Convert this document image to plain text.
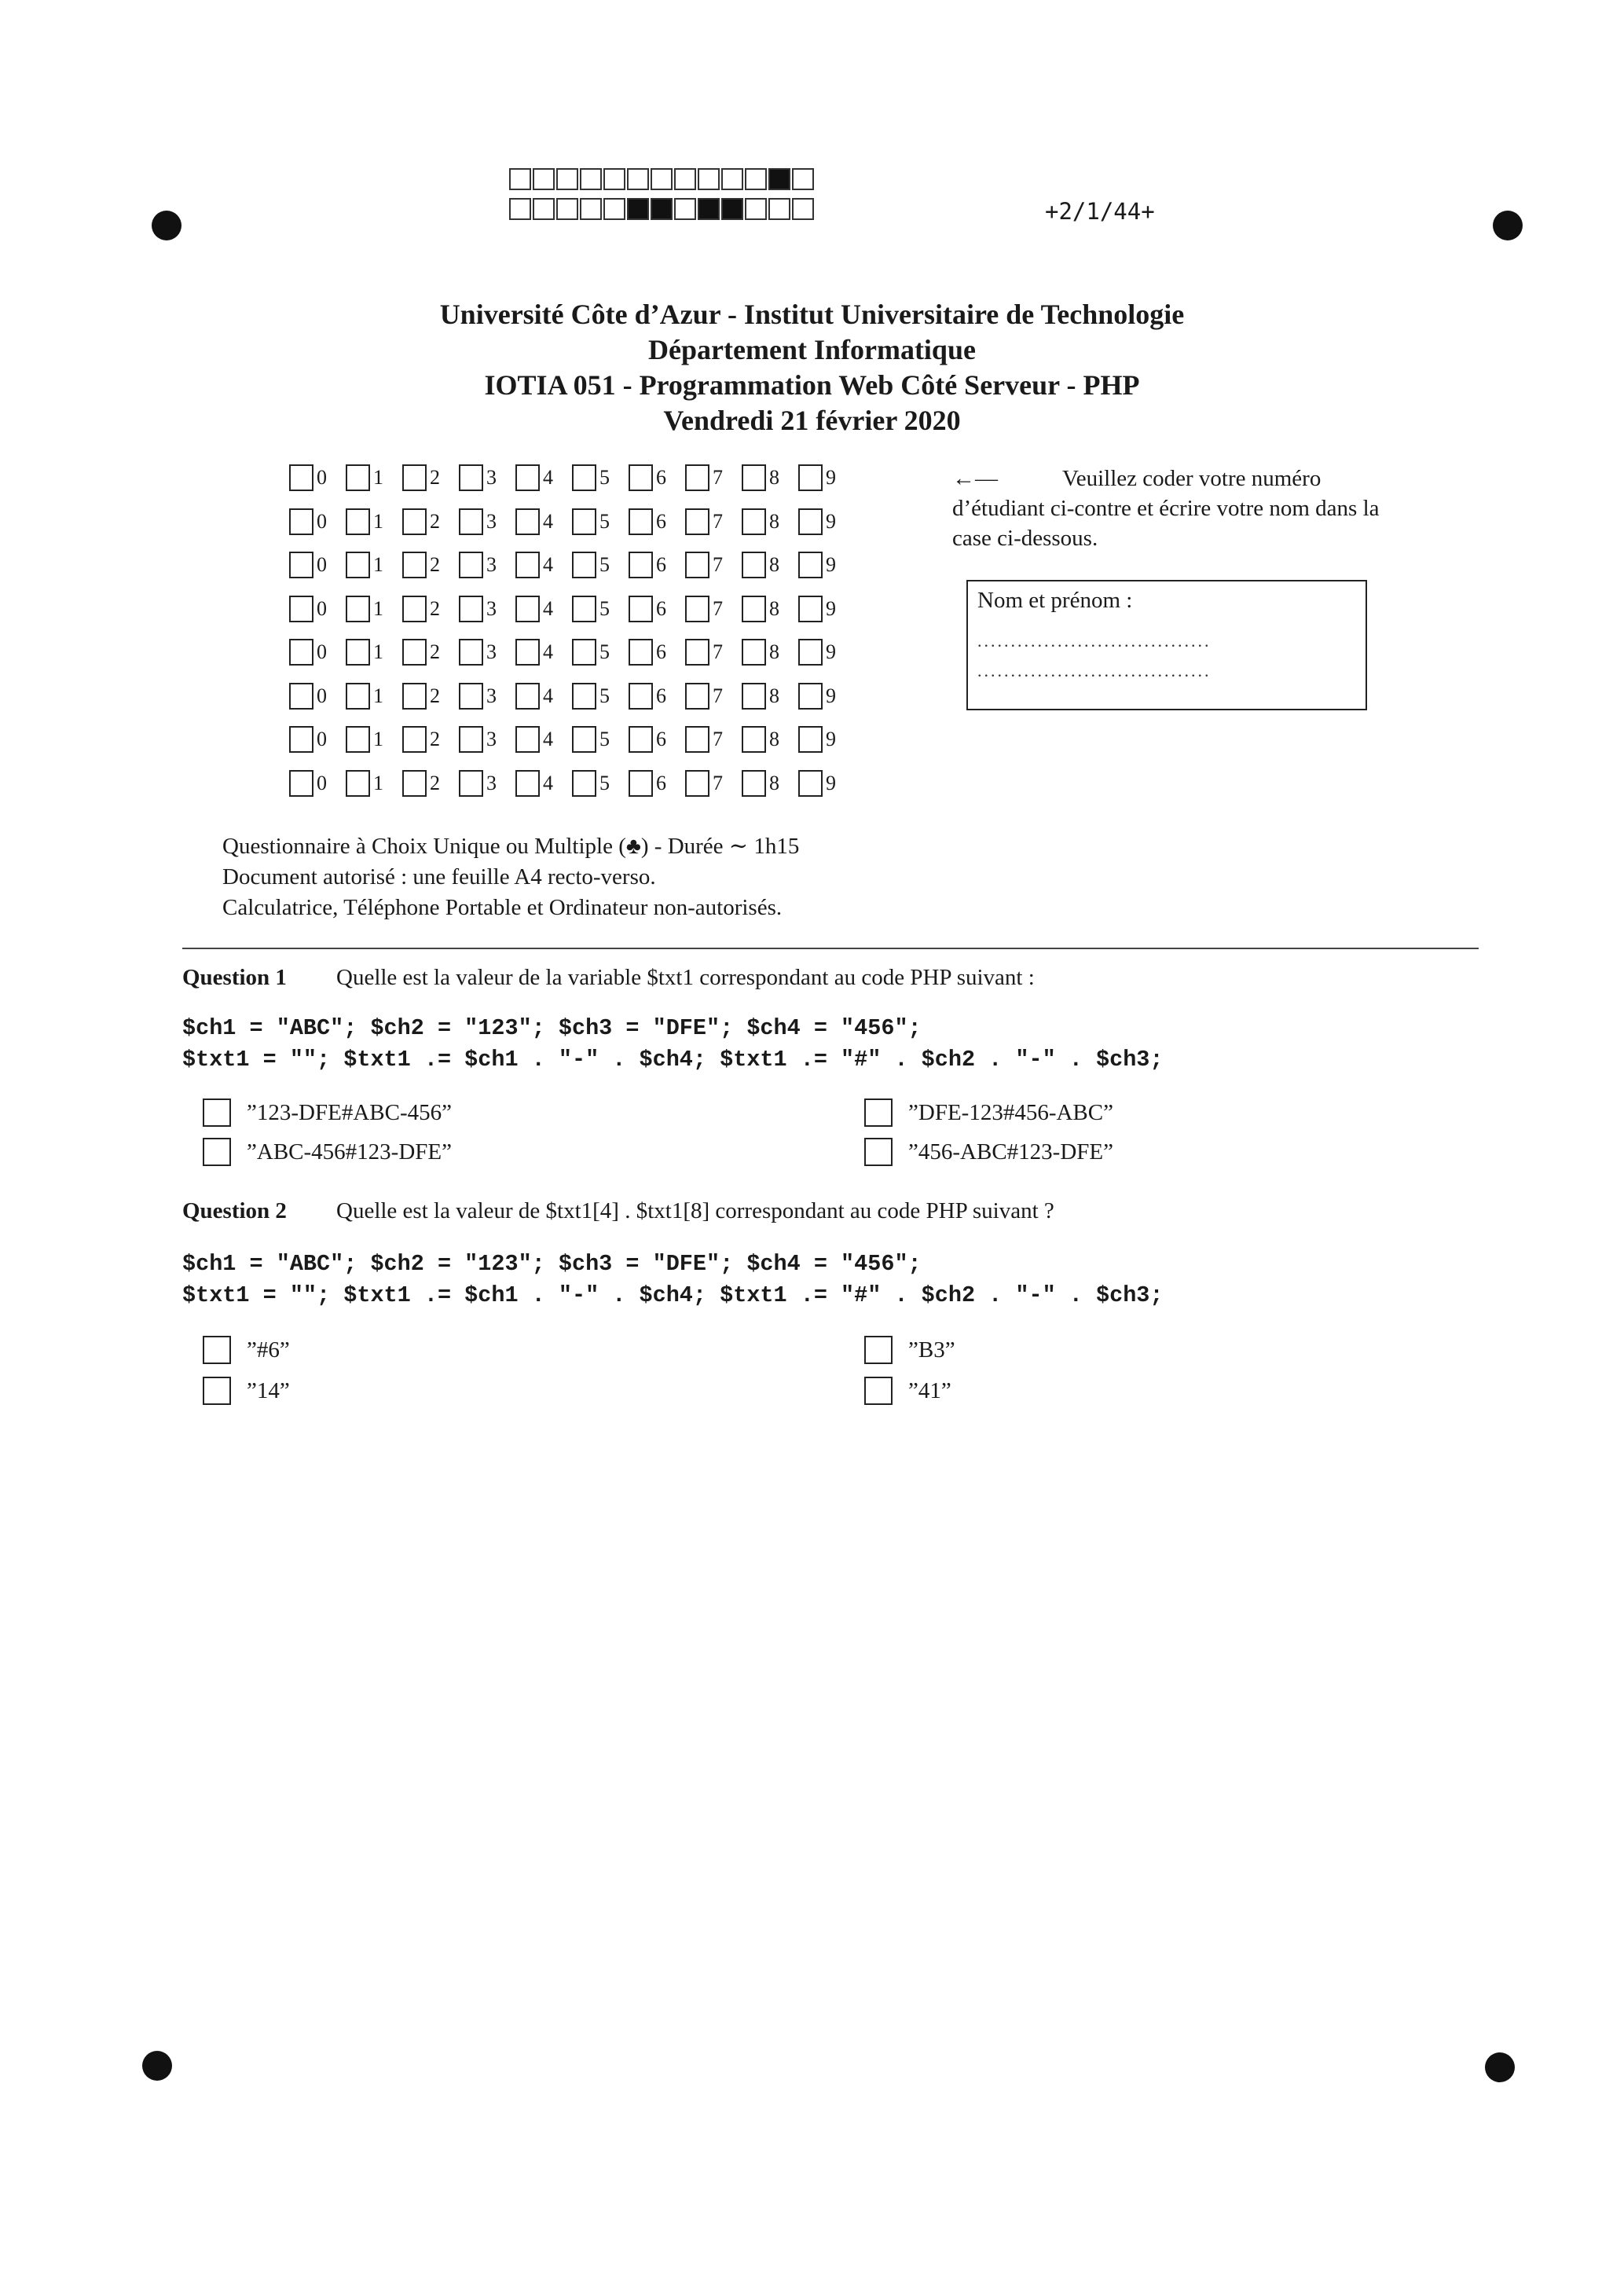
+2/1/44+
Université Côte d’Azur - Institut Universitaire de Technologie
Département Informatique
IOTIA 051 - Programmation Web Côté Serveur - PHP
Vendredi 21 février 2020
0 1 2 3 4 5 6 7 8 9
0 1 2 3 4 5 6 7 8 9
0 1 2 3 4 5 6 7 8 9
0 1 2 3 4 5 6 7 8 9
0 1 2 3 4 5 6 7 8 9
0 1 2 3 4 5 6 7 8 9
0 1 2 3 4 5 6 7 8 9
0 1 2 3 4 5 6 7 8 9
←—	Veuillez coder votre numéro d’étudiant ci-contre et écrire votre nom dans la case ci-dessous.
Nom et prénom :
...................................
...................................
Questionnaire à Choix Unique ou Multiple (♣) - Durée ∼ 1h15
Document autorisé : une feuille A4 recto-verso.
Calculatrice, Téléphone Portable et Ordinateur non-autorisés.
Question 1 Quelle est la valeur de la variable $txt1 correspondant au code PHP suivant :
$ch1 = "ABC"; $ch2 = "123"; $ch3 = "DFE"; $ch4 = "456";
$txt1 = ""; $txt1 .= $ch1 . "-" . $ch4; $txt1 .= "#" . $ch2 . "-" . $ch3;
”123-DFE#ABC-456”	”DFE-123#456-ABC”
”ABC-456#123-DFE”	”456-ABC#123-DFE”
Question 2 Quelle est la valeur de $txt1[4] . $txt1[8] correspondant au code PHP suivant ?
$ch1 = "ABC"; $ch2 = "123"; $ch3 = "DFE"; $ch4 = "456";
$txt1 = ""; $txt1 .= $ch1 . "-" . $ch4; $txt1 .= "#" . $ch2 . "-" . $ch3;
”#6”	”B3”
”14”	”41”
